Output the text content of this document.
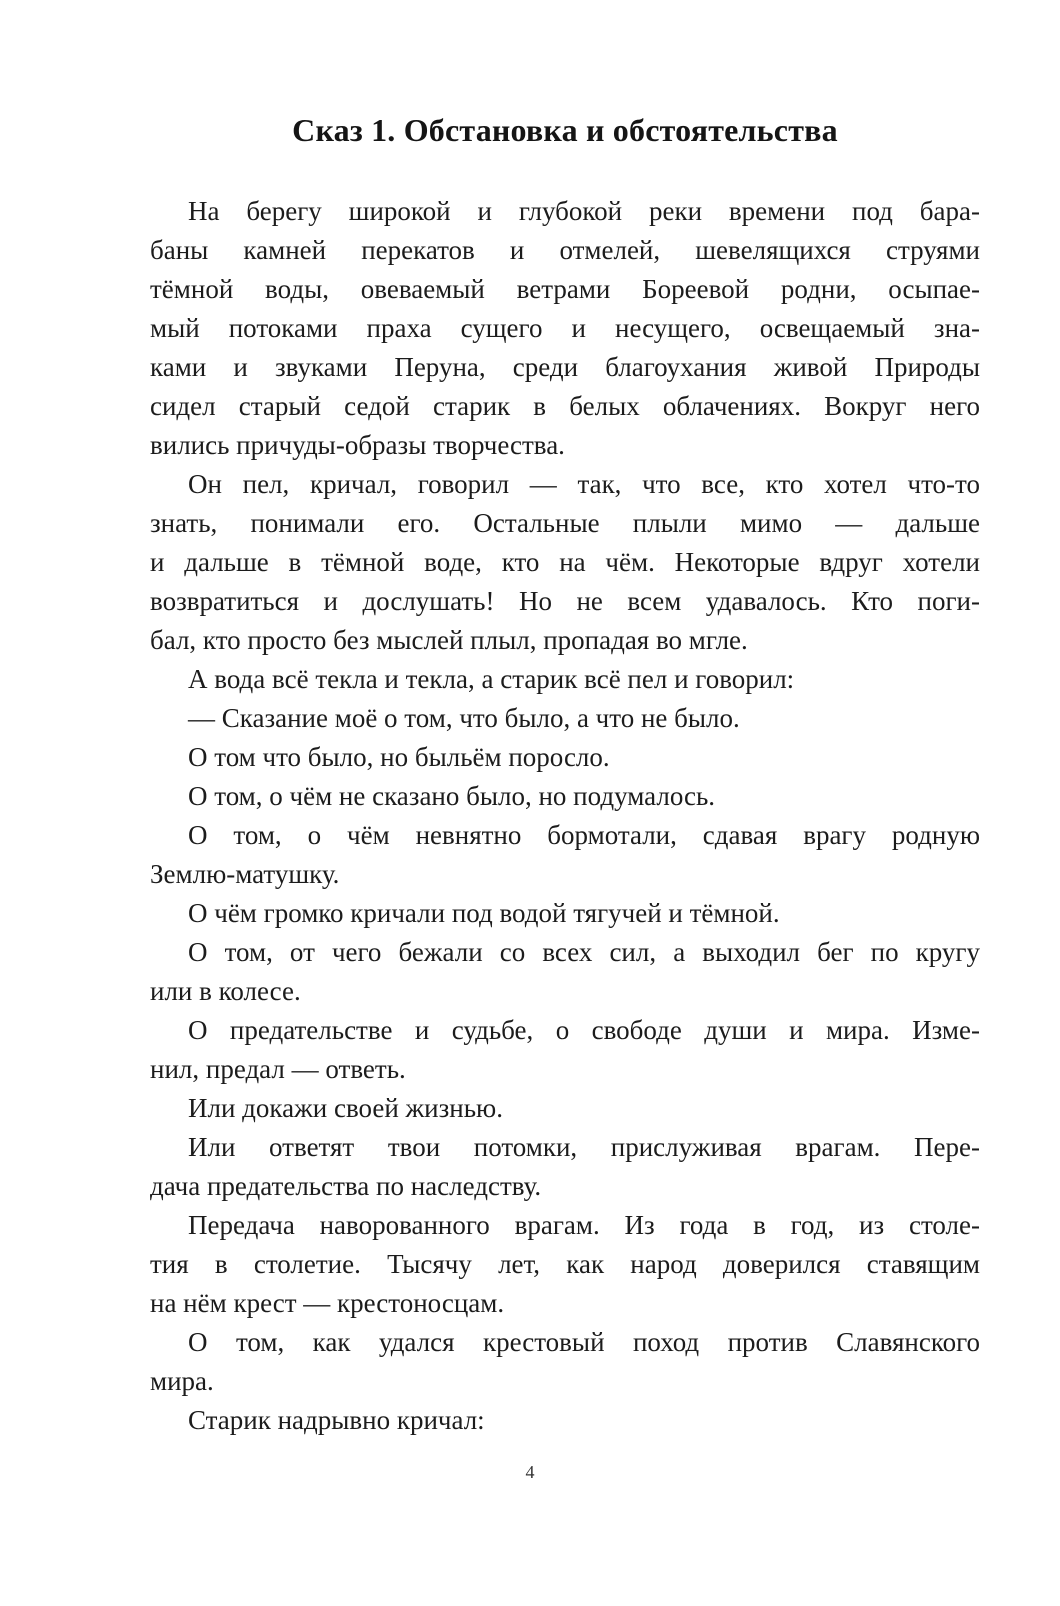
Сказ 1. Обстановка и обстоятельства
На берегу широкой и глубокой реки времени под бара-
баны камней перекатов и отмелей, шевелящихся струями
тёмной воды, овеваемый ветрами Бореевой родни, осыпае-
мый потоками праха сущего и несущего, освещаемый зна-
ками и звуками Перуна, среди благоухания живой Природы
сидел старый седой старик в белых облачениях. Вокруг него
вились причуды-образы творчества.
Он пел, кричал, говорил — так, что все, кто хотел что-то
знать, понимали его. Остальные плыли мимо — дальше
и дальше в тёмной воде, кто на чём. Некоторые вдруг хотели
возвратиться и дослушать! Но не всем удавалось. Кто поги-
бал, кто просто без мыслей плыл, пропадая во мгле.
А вода всё текла и текла, а старик всё пел и говорил:
— Сказание моё о том, что было, а что не было.
О том что было, но быльём поросло.
О том, о чём не сказано было, но подумалось.
О том, о чём невнятно бормотали, сдавая врагу родную
Землю-матушку.
О чём громко кричали под водой тягучей и тёмной.
О том, от чего бежали со всех сил, а выходил бег по кругу
или в колесе.
О предательстве и судьбе, о свободе души и мира. Изме-
нил, предал — ответь.
Или докажи своей жизнью.
Или ответят твои потомки, прислуживая врагам. Пере-
дача предательства по наследству.
Передача наворованного врагам. Из года в год, из столе-
тия в столетие. Тысячу лет, как народ доверился ставящим
на нём крест — крестоносцам.
О том, как удался крестовый поход против Славянского
мира.
Старик надрывно кричал:
4
